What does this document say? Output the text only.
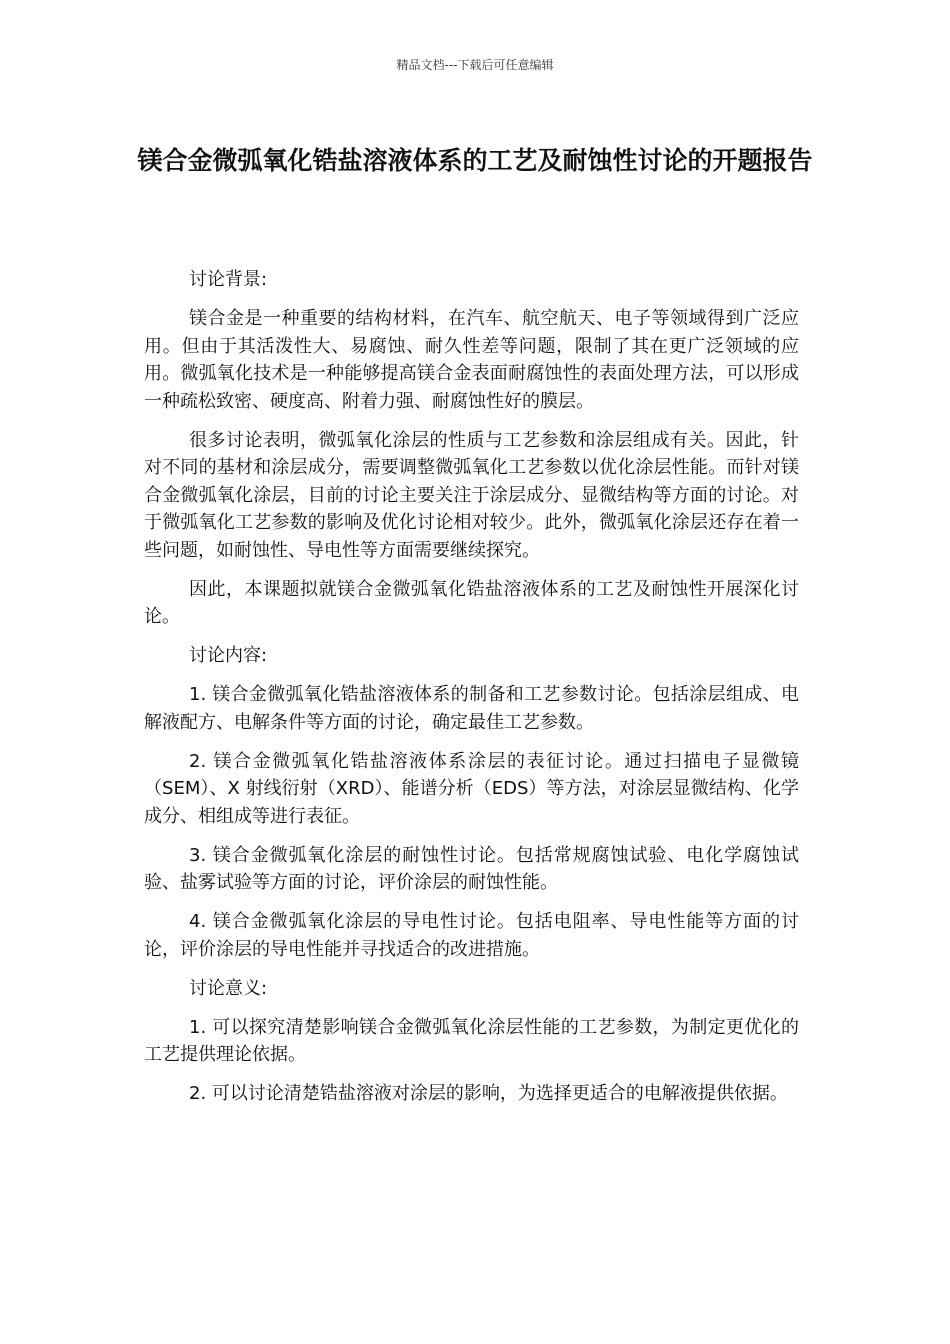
精品文档---下载后可任意编辑
镁合金微弧氧化锆盐溶液体系的工艺及耐蚀性讨论的开题报告

讨论背景:

镁合金是一种重要的结构材料，在汽车、航空航天、电子等领域得到广泛应用。但由于其活泼性大、易腐蚀、耐久性差等问题，限制了其在更广泛领域的应用。微弧氧化技术是一种能够提高镁合金表面耐腐蚀性的表面处理方法，可以形成一种疏松致密、硬度高、附着力强、耐腐蚀性好的膜层。

很多讨论表明，微弧氧化涂层的性质与工艺参数和涂层组成有关。因此，针对不同的基材和涂层成分，需要调整微弧氧化工艺参数以优化涂层性能。而针对镁合金微弧氧化涂层，目前的讨论主要关注于涂层成分、显微结构等方面的讨论。对于微弧氧化工艺参数的影响及优化讨论相对较少。此外，微弧氧化涂层还存在着一些问题，如耐蚀性、导电性等方面需要继续探究。

因此，本课题拟就镁合金微弧氧化锆盐溶液体系的工艺及耐蚀性开展深化讨论。

讨论内容:

1. 镁合金微弧氧化锆盐溶液体系的制备和工艺参数讨论。包括涂层组成、电解液配方、电解条件等方面的讨论，确定最佳工艺参数。

2. 镁合金微弧氧化锆盐溶液体系涂层的表征讨论。通过扫描电子显微镜（SEM）、X 射线衍射（XRD）、能谱分析（EDS）等方法，对涂层显微结构、化学成分、相组成等进行表征。

3. 镁合金微弧氧化涂层的耐蚀性讨论。包括常规腐蚀试验、电化学腐蚀试验、盐雾试验等方面的讨论，评价涂层的耐蚀性能。

4. 镁合金微弧氧化涂层的导电性讨论。包括电阻率、导电性能等方面的讨论，评价涂层的导电性能并寻找适合的改进措施。

讨论意义:

1. 可以探究清楚影响镁合金微弧氧化涂层性能的工艺参数，为制定更优化的工艺提供理论依据。

2. 可以讨论清楚锆盐溶液对涂层的影响，为选择更适合的电解液提供依据。
